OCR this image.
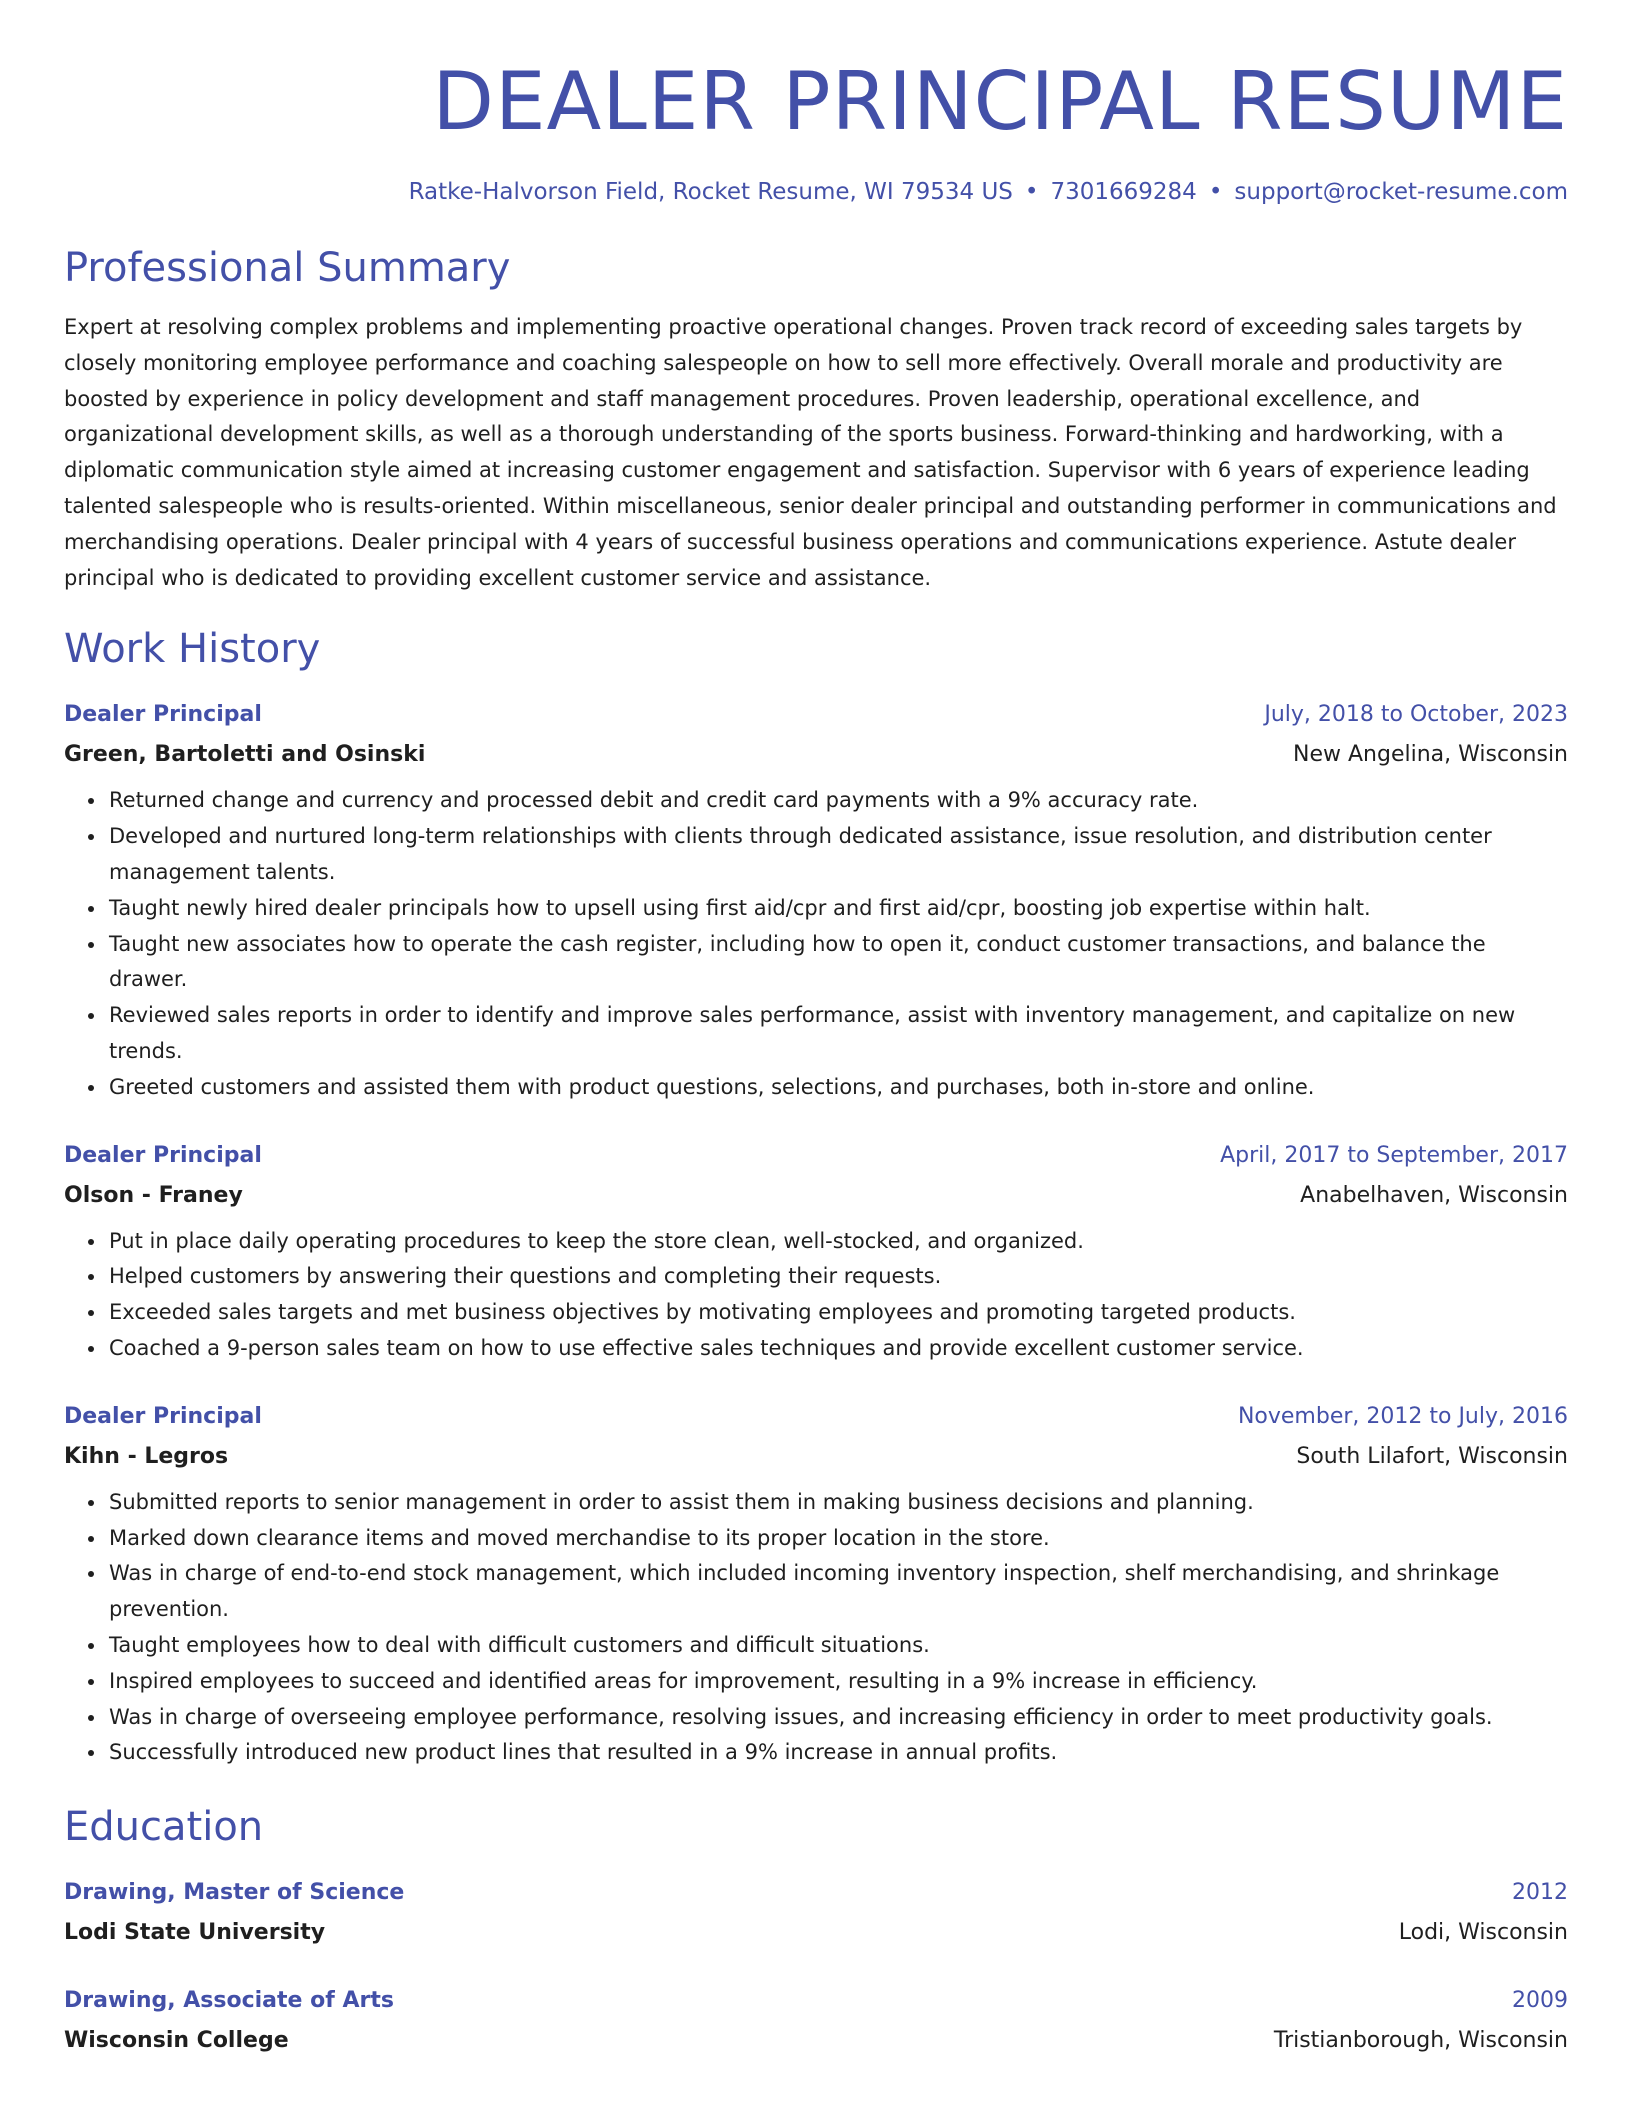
DEALER PRINCIPAL RESUME
Ratke-Halvorson Field, Rocket Resume, WI 79534 US • 7301669284 • support@rocket-resume.com
Professional Summary

Expert at resolving complex problems and implementing proactive operational changes. Proven track record of exceeding sales targets by closely monitoring employee performance and coaching salespeople on how to sell more effectively. Overall morale and productivity are boosted by experience in policy development and staff management procedures. Proven leadership, operational excellence, and organizational development skills, as well as a thorough understanding of the sports business. Forward-thinking and hardworking, with a diplomatic communication style aimed at increasing customer engagement and satisfaction. Supervisor with 6 years of experience leading talented salespeople who is results-oriented. Within miscellaneous, senior dealer principal and outstanding performer in communications and merchandising operations. Dealer principal with 4 years of successful business operations and communications experience. Astute dealer principal who is dedicated to providing excellent customer service and assistance.

Work History
Dealer Principal	July, 2018 to October, 2023
Green, Bartoletti and Osinski	New Angelina, Wisconsin
• Returned change and currency and processed debit and credit card payments with a 9% accuracy rate.
• Developed and nurtured long-term relationships with clients through dedicated assistance, issue resolution, and distribution center management talents.
• Taught newly hired dealer principals how to upsell using first aid/cpr and first aid/cpr, boosting job expertise within halt.
• Taught new associates how to operate the cash register, including how to open it, conduct customer transactions, and balance the drawer.
• Reviewed sales reports in order to identify and improve sales performance, assist with inventory management, and capitalize on new trends.
• Greeted customers and assisted them with product questions, selections, and purchases, both in-store and online.
Dealer Principal	April, 2017 to September, 2017
Olson - Franey	Anabelhaven, Wisconsin
• Put in place daily operating procedures to keep the store clean, well-stocked, and organized.
• Helped customers by answering their questions and completing their requests.
• Exceeded sales targets and met business objectives by motivating employees and promoting targeted products.
• Coached a 9-person sales team on how to use effective sales techniques and provide excellent customer service.
Dealer Principal	November, 2012 to July, 2016
Kihn - Legros	South Lilafort, Wisconsin
• Submitted reports to senior management in order to assist them in making business decisions and planning.
• Marked down clearance items and moved merchandise to its proper location in the store.
• Was in charge of end-to-end stock management, which included incoming inventory inspection, shelf merchandising, and shrinkage prevention.
• Taught employees how to deal with difficult customers and difficult situations.
• Inspired employees to succeed and identified areas for improvement, resulting in a 9% increase in efficiency.
• Was in charge of overseeing employee performance, resolving issues, and increasing efficiency in order to meet productivity goals.
• Successfully introduced new product lines that resulted in a 9% increase in annual profits.
Education
Drawing, Master of Science	2012
Lodi State University	Lodi, Wisconsin
Drawing, Associate of Arts	2009
Wisconsin College	Tristianborough, Wisconsin
